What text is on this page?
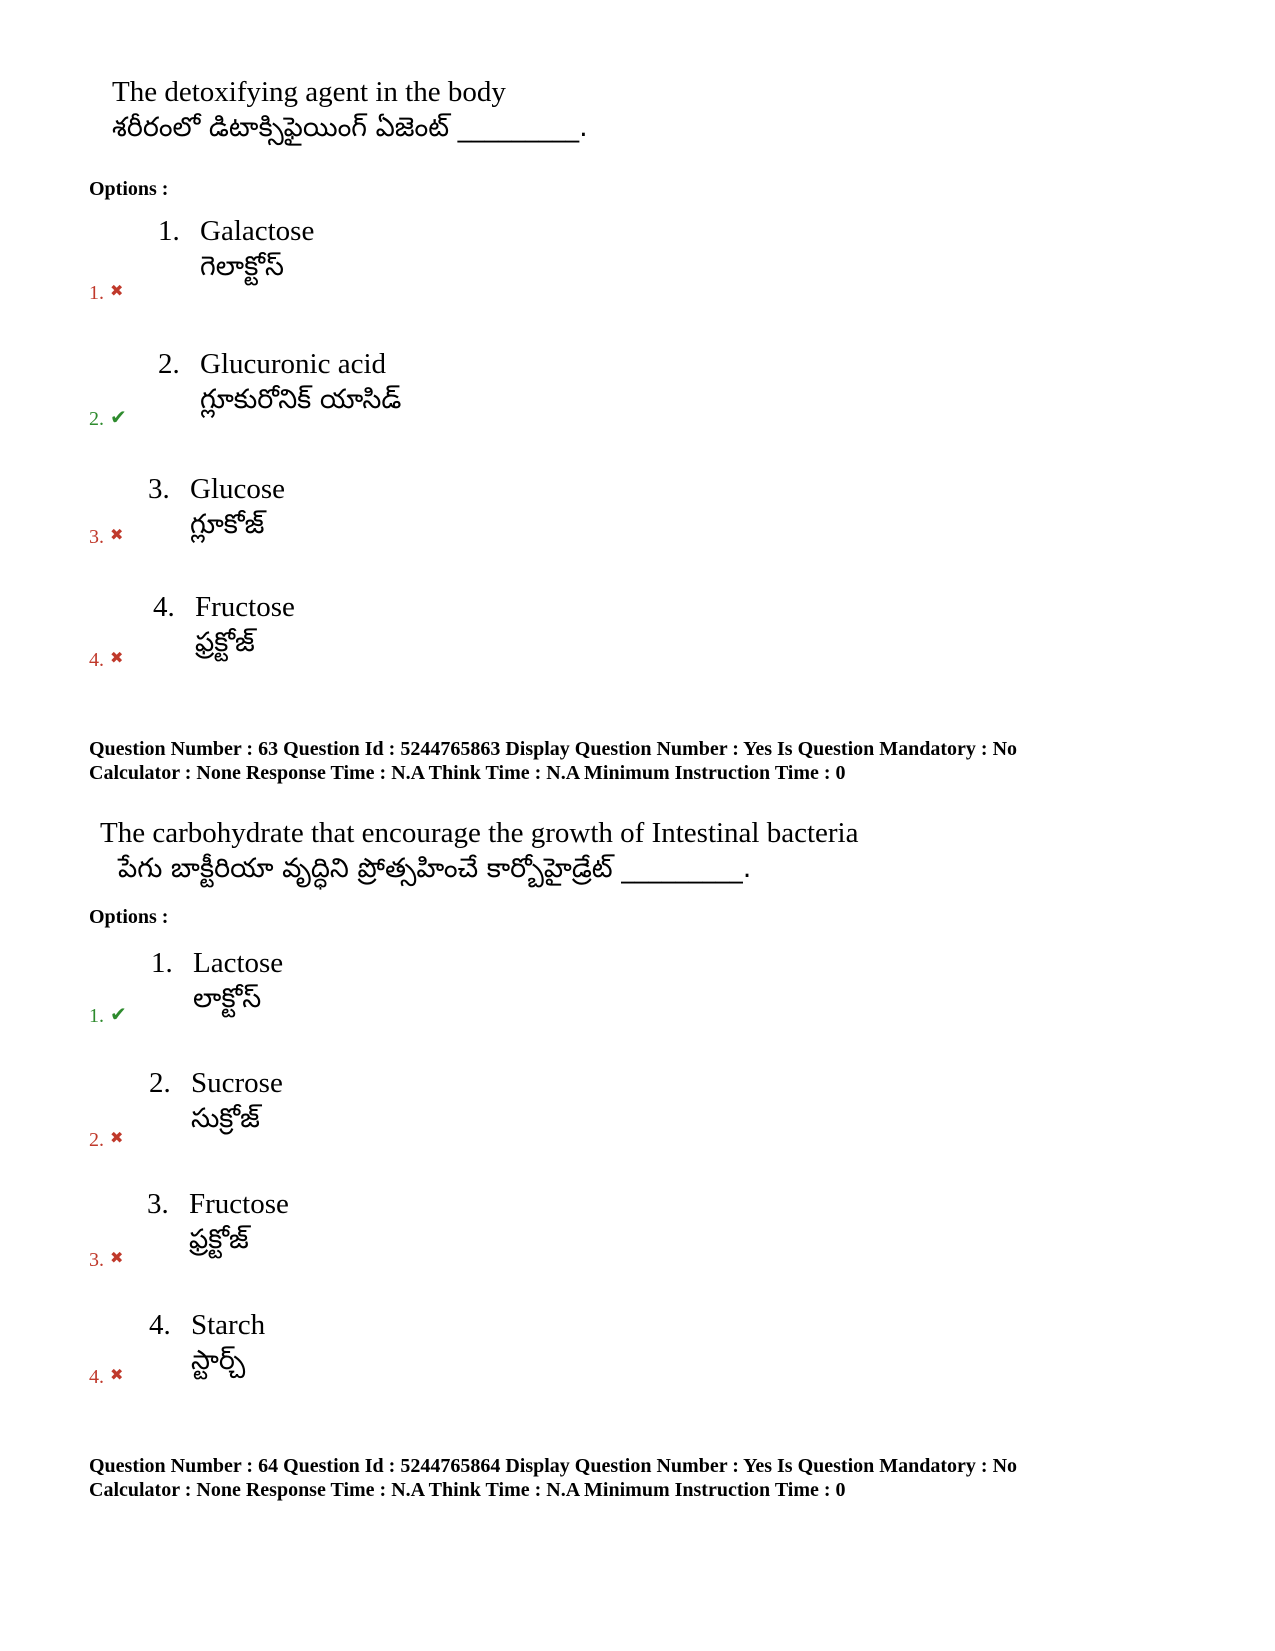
The detoxifying agent in the body
శరీరంలో డిటాక్సిఫైయింగ్ ఏజెంట్ _________.
Options :
1. Galactose
గెలాక్టోస్
1. ✖
2. Glucuronic acid
గ్లూకురోనిక్ యాసిడ్
2. ✔
3. Glucose
గ్లూకోజ్
3. ✖
4. Fructose
ఫ్రక్టోజ్
4. ✖
Question Number : 63 Question Id : 5244765863 Display Question Number : Yes Is Question Mandatory : No
Calculator : None Response Time : N.A Think Time : N.A Minimum Instruction Time : 0
The carbohydrate that encourage the growth of Intestinal bacteria
పేగు బాక్టీరియా వృద్ధిని ప్రోత్సహించే కార్బోహైడ్రేట్ _________.
Options :
1. Lactose
లాక్టోస్
1. ✔
2. Sucrose
సుక్రోజ్
2. ✖
3. Fructose
ఫ్రక్టోజ్
3. ✖
4. Starch
స్టార్చ్
4. ✖
Question Number : 64 Question Id : 5244765864 Display Question Number : Yes Is Question Mandatory : No
Calculator : None Response Time : N.A Think Time : N.A Minimum Instruction Time : 0
